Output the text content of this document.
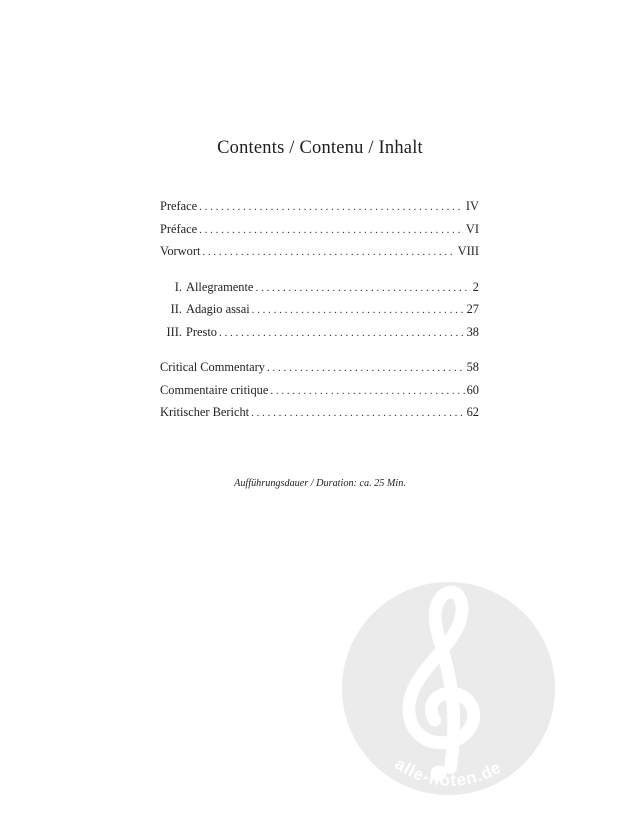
Contents / Contenu / Inhalt
Preface . . .	IV
Préface . . .	VI
Vorwort . . .	VIII
I. Allegramente . . .	2
II. Adagio assai . . .	27
III. Presto . . .	38
Critical Commentary . . .	58
Commentaire critique . . .	60
Kritischer Bericht . . .	62
Aufführungsdauer / Duration: ca. 25 Min.
alle-noten.de
